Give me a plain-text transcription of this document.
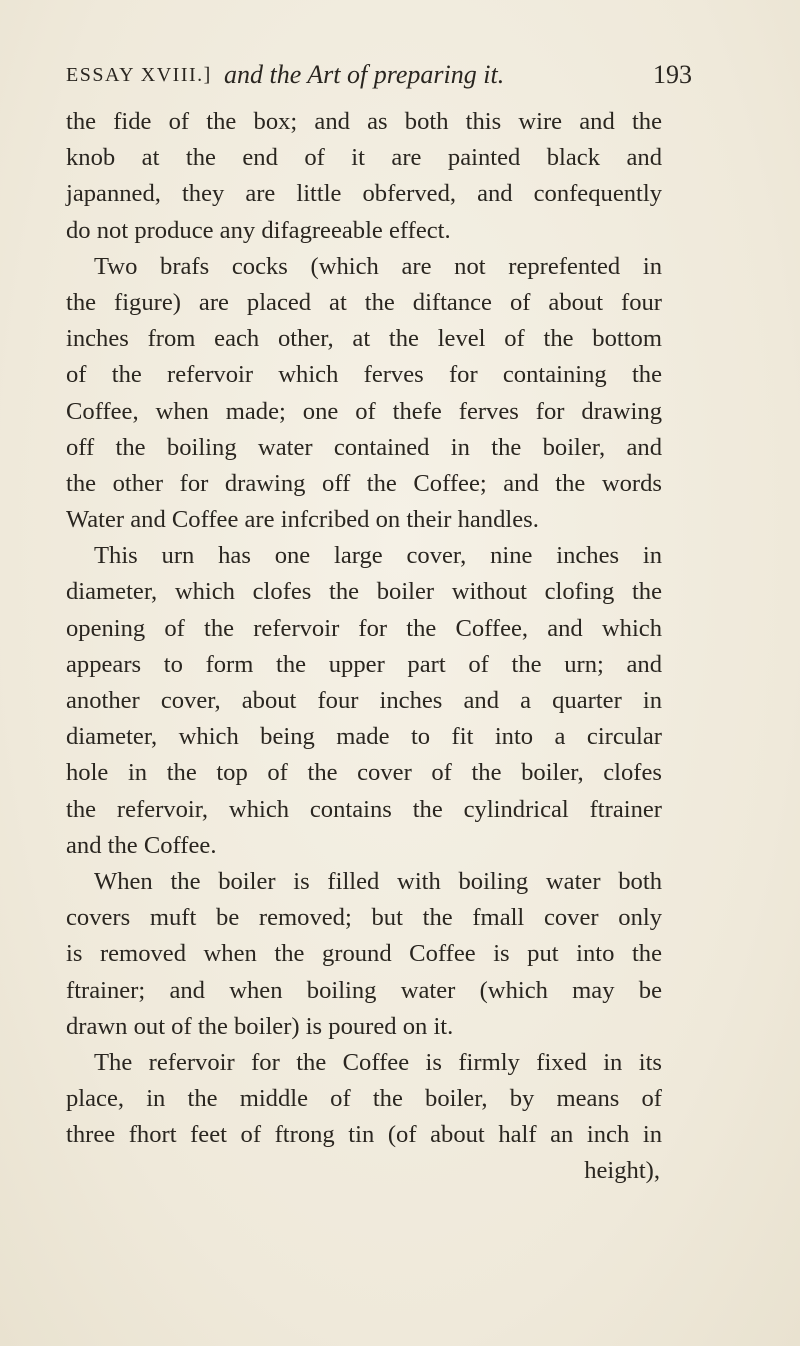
ESSAY XVIII.] and the Art of preparing it.	193
the fide of the box; and as both this wire and the
knob at the end of it are painted black and
japanned, they are little obferved, and confequently
do not produce any difagreeable effect.
Two brafs cocks (which are not reprefented in
the figure) are placed at the diftance of about four
inches from each other, at the level of the bottom
of the refervoir which ferves for containing the
Coffee, when made; one of thefe ferves for drawing
off the boiling water contained in the boiler, and
the other for drawing off the Coffee; and the words
Water and Coffee are infcribed on their handles.
This urn has one large cover, nine inches in
diameter, which clofes the boiler without clofing the
opening of the refervoir for the Coffee, and which
appears to form the upper part of the urn; and
another cover, about four inches and a quarter in
diameter, which being made to fit into a circular
hole in the top of the cover of the boiler, clofes
the refervoir, which contains the cylindrical ftrainer
and the Coffee.
When the boiler is filled with boiling water both
covers muft be removed; but the fmall cover only
is removed when the ground Coffee is put into the
ftrainer; and when boiling water (which may be
drawn out of the boiler) is poured on it.
The refervoir for the Coffee is firmly fixed in its
place, in the middle of the boiler, by means of
three fhort feet of ftrong tin (of about half an inch in
height),
